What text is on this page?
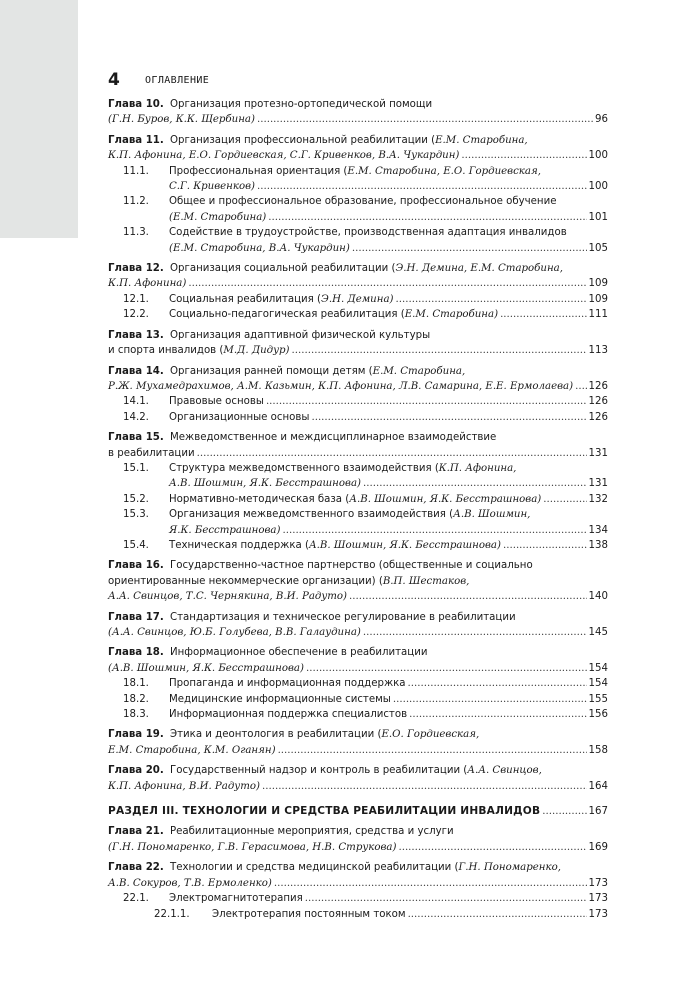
4	ОГЛАВЛЕНИЕ
Глава 10. Организация протезно-ортопедической помощи
(Г.Н. Буров, К.К. Щербина) .....	96
Глава 11. Организация профессиональной реабилитации (Е.М. Старобина,
К.П. Афонина, Е.О. Гордиевская, С.Г. Кривенков, В.А. Чукардин) .....	100
11.1.	Профессиональная ориентация (Е.М. Старобина, Е.О. Гордиевская,
С.Г. Кривенков) .....	100
11.2.	Общее и профессиональное образование, профессиональное обучение
(Е.М. Старобина) .....	101
11.3.	Содействие в трудоустройстве, производственная адаптация инвалидов
(Е.М. Старобина, В.А. Чукардин) .....	105
Глава 12. Организация социальной реабилитации (Э.Н. Демина, Е.М. Старобина,
К.П. Афонина) .....	109
12.1.	Социальная реабилитация (Э.Н. Демина) .....	109
12.2.	Социально-педагогическая реабилитация (Е.М. Старобина) .....	111
Глава 13. Организация адаптивной физической культуры
и спорта инвалидов (М.Д. Дидур) .....	113
Глава 14. Организация ранней помощи детям (Е.М. Старобина,
Р.Ж. Мухамедрахимов, А.М. Казьмин, К.П. Афонина, Л.В. Самарина, Е.Е. Ермолаева) ..... 126
14.1.	Правовые основы .....	126
14.2.	Организационные основы .....	126
Глава 15. Межведомственное и междисциплинарное взаимодействие
в реабилитации .....	131
15.1.	Структура межведомственного взаимодействия (К.П. Афонина,
А.В. Шошмин, Я.К. Бесстрашнова) .....	131
15.2.	Нормативно-методическая база (А.В. Шошмин, Я.К. Бесстрашнова) .....	132
15.3.	Организация межведомственного взаимодействия (А.В. Шошмин,
Я.К. Бесстрашнова) .....	134
15.4.	Техническая поддержка (А.В. Шошмин, Я.К. Бесстрашнова) .....	138
Глава 16. Государственно-частное партнерство (общественные и социально
ориентированные некоммерческие организации) (В.П. Шестаков,
А.А. Свинцов, Т.С. Чернякина, В.И. Радуто) .....	140
Глава 17. Стандартизация и техническое регулирование в реабилитации
(А.А. Свинцов, Ю.Б. Голубева, В.В. Галаудина) .....	145
Глава 18. Информационное обеспечение в реабилитации
(А.В. Шошмин, Я.К. Бесстрашнова) .....	154
18.1.	Пропаганда и информационная поддержка .....	154
18.2.	Медицинские информационные системы .....	155
18.3.	Информационная поддержка специалистов .....	156
Глава 19. Этика и деонтология в реабилитации (Е.О. Гордиевская,
Е.М. Старобина, К.М. Оганян) .....	158
Глава 20. Государственный надзор и контроль в реабилитации (А.А. Свинцов,
К.П. Афонина, В.И. Радуто) .....	164
РАЗДЕЛ III. ТЕХНОЛОГИИ И СРЕДСТВА РЕАБИЛИТАЦИИ ИНВАЛИДОВ .....	167
Глава 21. Реабилитационные мероприятия, средства и услуги
(Г.Н. Пономаренко, Г.В. Герасимова, Н.В. Струкова) .....	169
Глава 22. Технологии и средства медицинской реабилитации (Г.Н. Пономаренко,
А.В. Сокуров, Т.В. Ермоленко) .....	173
22.1.	Электромагнитотерапия .....	173
22.1.1.	Электротерапия постоянным током .....	173
